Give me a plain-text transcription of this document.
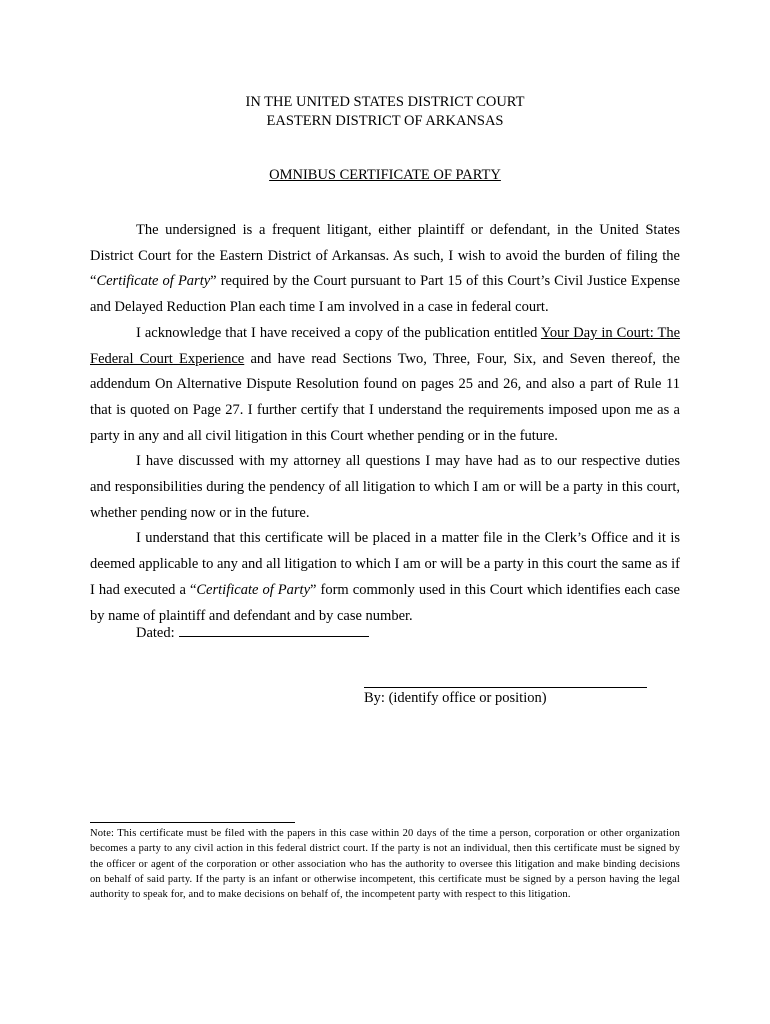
IN THE UNITED STATES DISTRICT COURT
EASTERN DISTRICT OF ARKANSAS
OMNIBUS CERTIFICATE OF PARTY

The undersigned is a frequent litigant, either plaintiff or defendant, in the United States District Court for the Eastern District of Arkansas. As such, I wish to avoid the burden of filing the “Certificate of Party” required by the Court pursuant to Part 15 of this Court’s Civil Justice Expense and Delayed Reduction Plan each time I am involved in a case in federal court.

I acknowledge that I have received a copy of the publication entitled Your Day in Court: The Federal Court Experience and have read Sections Two, Three, Four, Six, and Seven thereof, the addendum On Alternative Dispute Resolution found on pages 25 and 26, and also a part of Rule 11 that is quoted on Page 27. I further certify that I understand the requirements imposed upon me as a party in any and all civil litigation in this Court whether pending or in the future.

I have discussed with my attorney all questions I may have had as to our respective duties and responsibilities during the pendency of all litigation to which I am or will be a party in this court, whether pending now or in the future.

I understand that this certificate will be placed in a matter file in the Clerk’s Office and it is deemed applicable to any and all litigation to which I am or will be a party in this court the same as if I had executed a “Certificate of Party” form commonly used in this Court which identifies each case by name of plaintiff and defendant and by case number.

Dated:
By: (identify office or position)
Note: This certificate must be filed with the papers in this case within 20 days of the time a person, corporation or other organization becomes a party to any civil action in this federal district court. If the party is not an individual, then this certificate must be signed by the officer or agent of the corporation or other association who has the authority to oversee this litigation and make binding decisions on behalf of said party. If the party is an infant or otherwise incompetent, this certificate must be signed by a person having the legal authority to speak for, and to make decisions on behalf of, the incompetent party with respect to this litigation.
